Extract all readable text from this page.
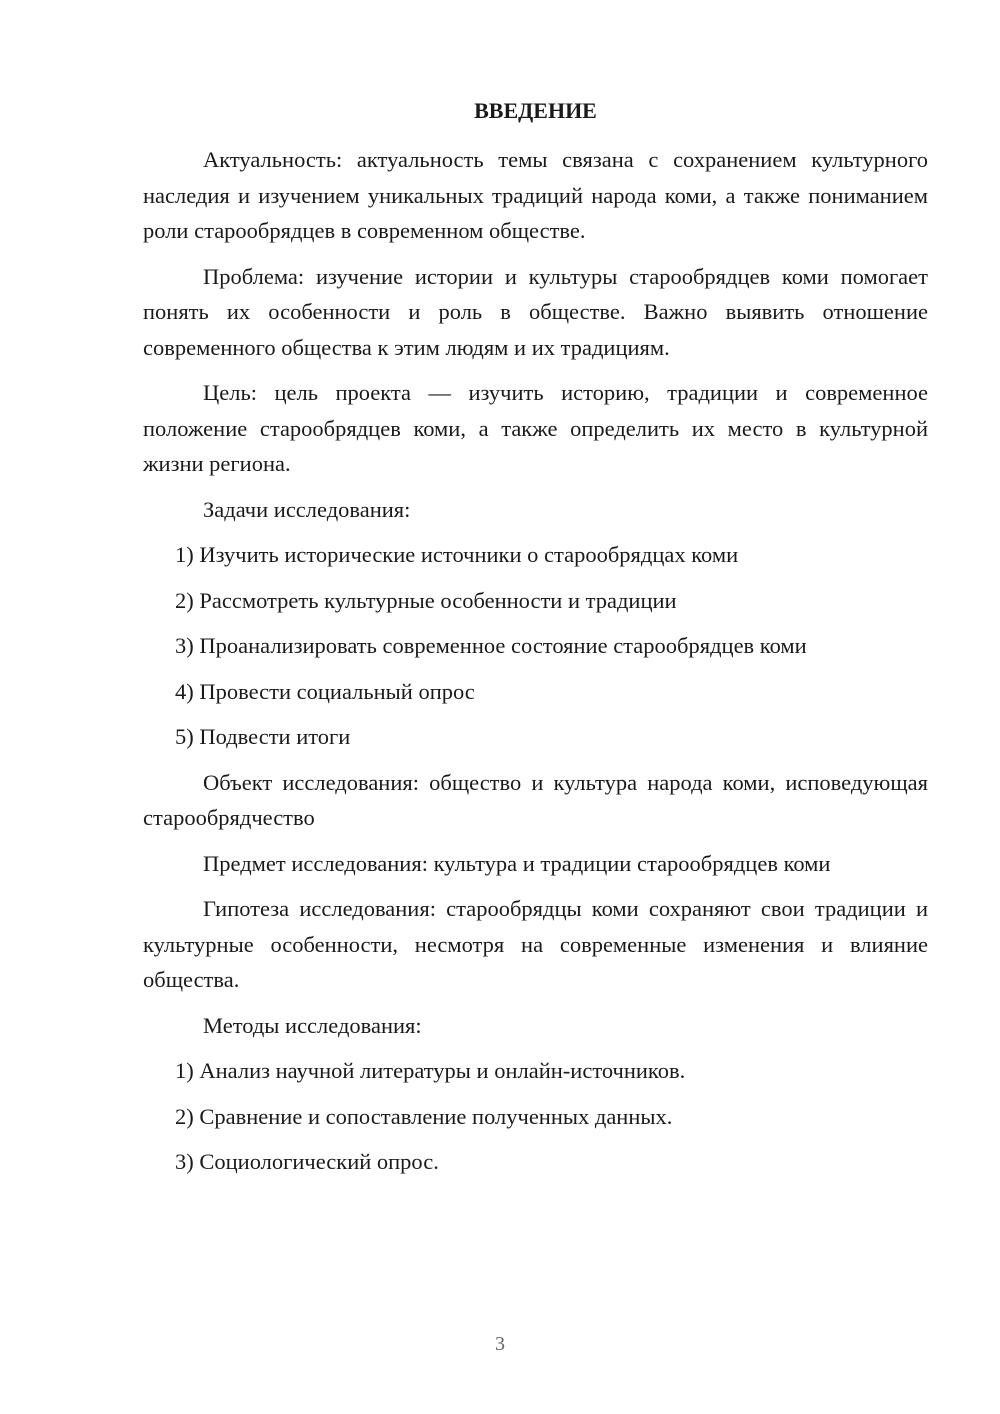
ВВЕДЕНИЕ

Актуальность: актуальность темы связана с сохранением культурного наследия и изучением уникальных традиций народа коми, а также пониманием роли старообрядцев в современном обществе.

Проблема: изучение истории и культуры старообрядцев коми помогает понять их особенности и роль в обществе. Важно выявить отношение современного общества к этим людям и их традициям.

Цель: цель проекта — изучить историю, традиции и современное положение старообрядцев коми, а также определить их место в культурной жизни региона.

Задачи исследования:

1) Изучить исторические источники о старообрядцах коми
2) Рассмотреть культурные особенности и традиции
3) Проанализировать современное состояние старообрядцев коми
4) Провести социальный опрос
5) Подвести итоги

Объект исследования: общество и культура народа коми, исповедующая старообрядчество

Предмет исследования: культура и традиции старообрядцев коми

Гипотеза исследования: старообрядцы коми сохраняют свои традиции и культурные особенности, несмотря на современные изменения и влияние общества.

Методы исследования:

1) Анализ научной литературы и онлайн-источников.
2) Сравнение и сопоставление полученных данных.
3) Социологический опрос.
3
